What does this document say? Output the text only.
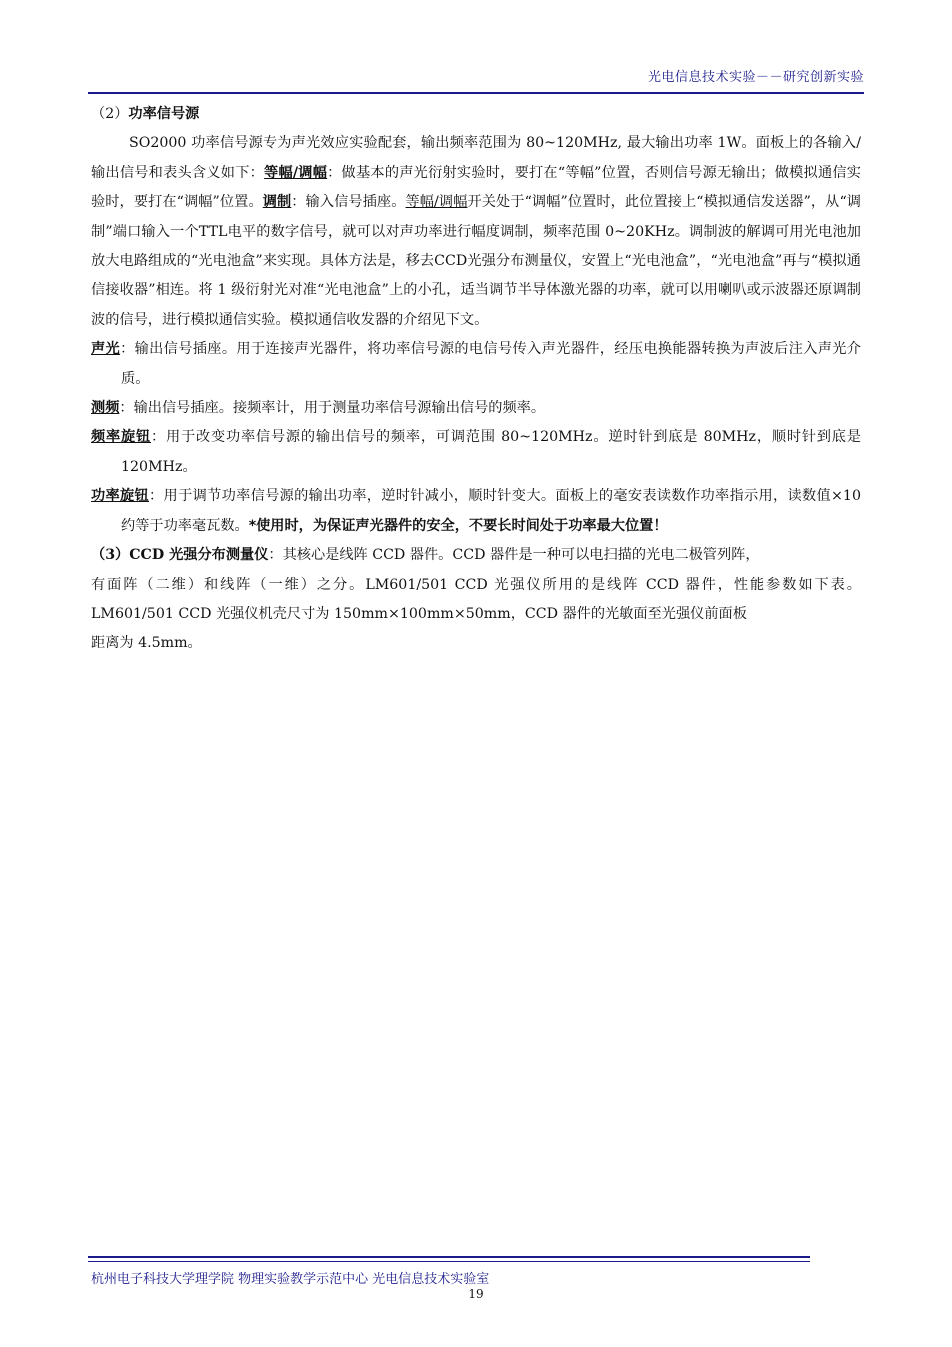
光电信息技术实验－－研究创新实验

（2）功率信号源

SO2000 功率信号源专为声光效应实验配套，输出频率范围为 80~120MHz, 最大输出功率 1W。面板上的各输入/输出信号和表头含义如下：等幅/调幅：做基本的声光衍射实验时，要打在“等幅”位置，否则信号源无输出；做模拟通信实验时，要打在“调幅”位置。调制：输入信号插座。等幅/调幅开关处于“调幅”位置时，此位置接上“模拟通信发送器”，从“调制”端口输入一个TTL电平的数字信号，就可以对声功率进行幅度调制，频率范围 0~20KHz。调制波的解调可用光电池加放大电路组成的“光电池盒”来实现。具体方法是，移去CCD光强分布测量仪，安置上“光电池盒”，“光电池盒”再与“模拟通信接收器”相连。将 1 级衍射光对准“光电池盒”上的小孔，适当调节半导体激光器的功率，就可以用喇叭或示波器还原调制波的信号，进行模拟通信实验。模拟通信收发器的介绍见下文。

声光：输出信号插座。用于连接声光器件，将功率信号源的电信号传入声光器件，经压电换能器转换为声波后注入声光介质。

测频：输出信号插座。接频率计，用于测量功率信号源输出信号的频率。

频率旋钮：用于改变功率信号源的输出信号的频率，可调范围 80~120MHz。逆时针到底是 80MHz，顺时针到底是 120MHz。

功率旋钮：用于调节功率信号源的输出功率，逆时针减小，顺时针变大。面板上的毫安表读数作功率指示用，读数值×10 约等于功率毫瓦数。*使用时，为保证声光器件的安全，不要长时间处于功率最大位置！

（3）CCD 光强分布测量仪：其核心是线阵 CCD 器件。CCD 器件是一种可以电扫描的光电二极管列阵，

有面阵（二维）和线阵（一维）之分。LM601/501 CCD 光强仪所用的是线阵 CCD 器件，性能参数如下表。LM601/501 CCD 光强仪机壳尺寸为 150mm×100mm×50mm，CCD 器件的光敏面至光强仪前面板

距离为 4.5mm。

杭州电子科技大学理学院 物理实验教学示范中心 光电信息技术实验室
19
